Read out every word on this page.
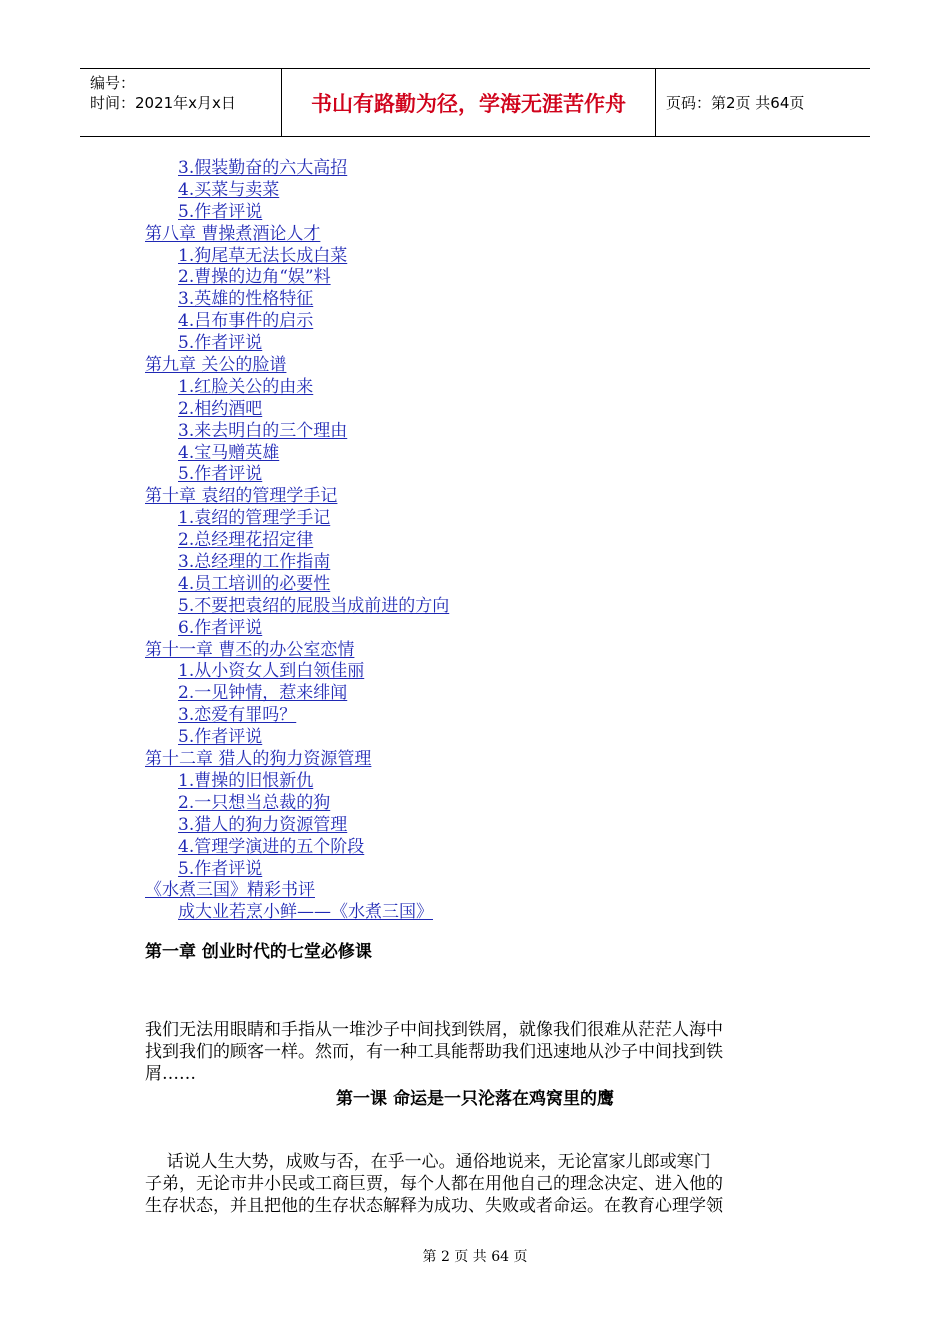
编号：
时间：2021年x月x日	书山有路勤为径，学海无涯苦作舟	页码：第2页 共64页
3.假装勤奋的六大高招
4.买菜与卖菜
5.作者评说
第八章 曹操煮酒论人才
1.狗尾草无法长成白菜
2.曹操的边角“娱”料
3.英雄的性格特征
4.吕布事件的启示
5.作者评说
第九章 关公的脸谱
1.红脸关公的由来
2.相约酒吧
3.来去明白的三个理由
4.宝马赠英雄
5.作者评说
第十章 袁绍的管理学手记
1.袁绍的管理学手记
2.总经理花招定律
3.总经理的工作指南
4.员工培训的必要性
5.不要把袁绍的屁股当成前进的方向
6.作者评说
第十一章 曹丕的办公室恋情
1.从小资女人到白领佳丽
2.一见钟情，惹来绯闻
3.恋爱有罪吗？
5.作者评说
第十二章 猎人的狗力资源管理
1.曹操的旧恨新仇
2.一只想当总裁的狗
3.猎人的狗力资源管理
4.管理学演进的五个阶段
5.作者评说
《水煮三国》精彩书评
成大业若烹小鲜——《水煮三国》
第一章 创业时代的七堂必修课
我们无法用眼睛和手指从一堆沙子中间找到铁屑，就像我们很难从茫茫人海中
找到我们的顾客一样。然而，有一种工具能帮助我们迅速地从沙子中间找到铁
屑……
第一课 命运是一只沦落在鸡窝里的鹰
话说人生大势，成败与否，在乎一心。通俗地说来，无论富家儿郎或寒门
子弟，无论市井小民或工商巨贾，每个人都在用他自己的理念决定、进入他的
生存状态，并且把他的生存状态解释为成功、失败或者命运。在教育心理学领
第 2 页 共 64 页
